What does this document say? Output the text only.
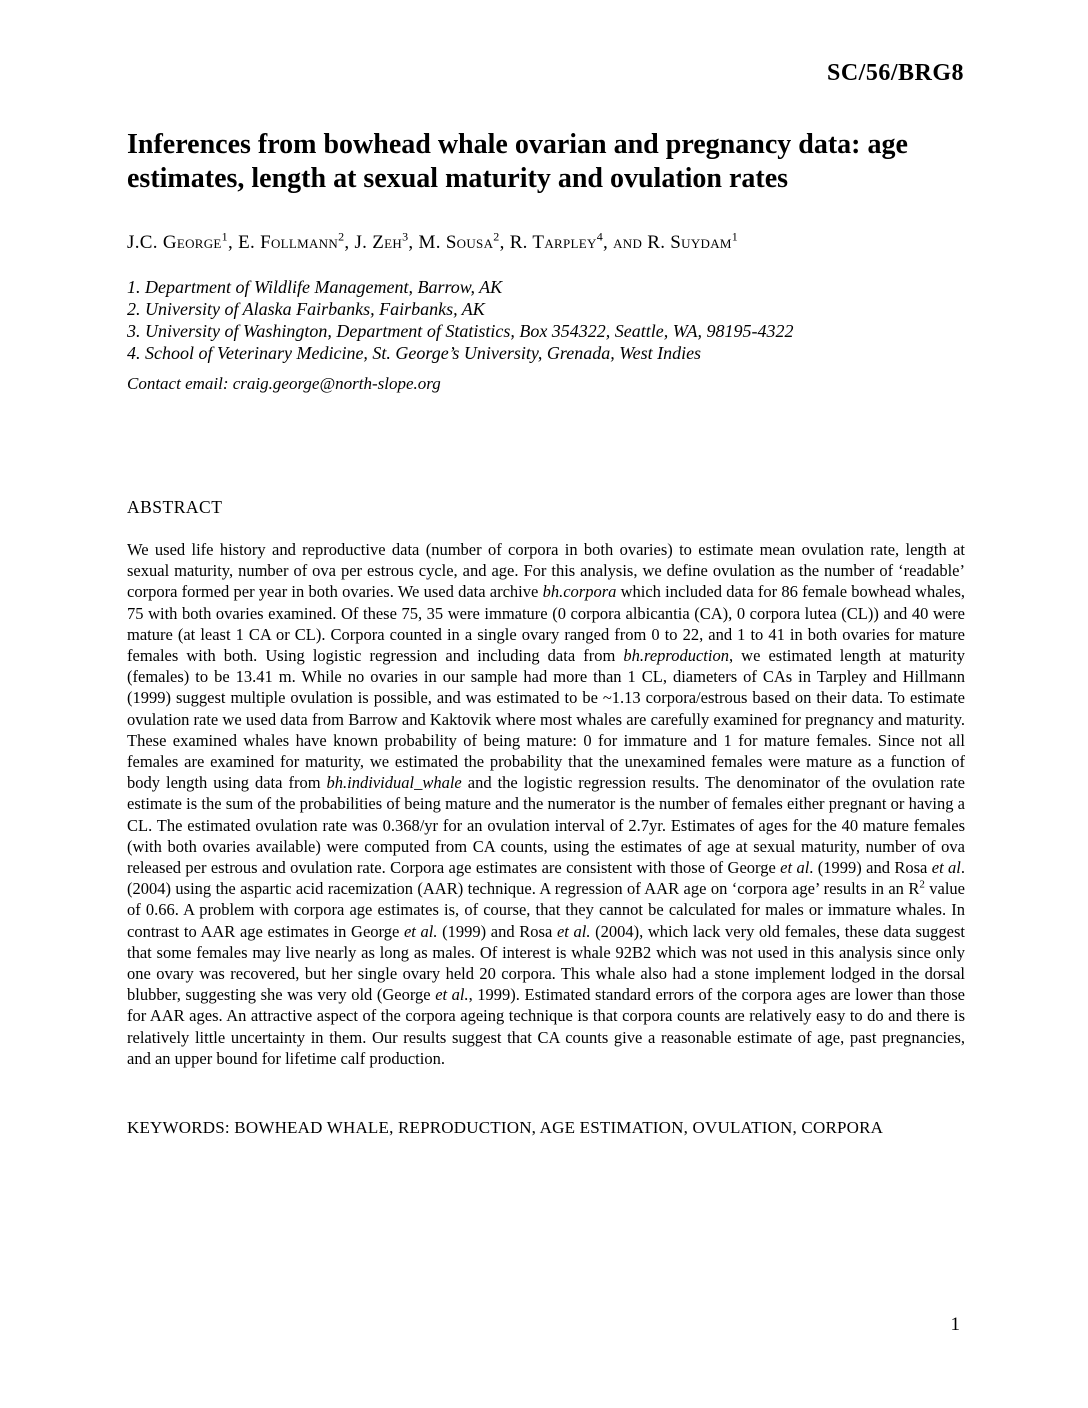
SC/56/BRG8
Inferences from bowhead whale ovarian and pregnancy data: age
estimates, length at sexual maturity and ovulation rates
J.C. George$^1$, E. Follmann$^2$, J. Zeh$^3$, M. Sousa$^2$, R. Tarpley$^4$, and R. Suydam$^1$

1. Department of Wildlife Management, Barrow, AK

2. University of Alaska Fairbanks, Fairbanks, AK

3. University of Washington, Department of Statistics, Box 354322, Seattle, WA, 98195-4322

4. School of Veterinary Medicine, St. George’s University, Grenada, West Indies

Contact email: craig.george@north-slope.org
ABSTRACT
We used life history and reproductive data (number of corpora in both ovaries) to estimate mean ovulation rate, length at sexual maturity, number of ova per estrous cycle, and age. For this analysis, we define ovulation as the number of ‘readable’ corpora formed per year in both ovaries. We used data archive bh.corpora which included data for 86 female bowhead whales, 75 with both ovaries examined. Of these 75, 35 were immature (0 corpora albicantia (CA), 0 corpora lutea (CL)) and 40 were mature (at least 1 CA or CL). Corpora counted in a single ovary ranged from 0 to 22, and 1 to 41 in both ovaries for mature females with both. Using logistic regression and including data from bh.reproduction, we estimated length at maturity (females) to be 13.41 m. While no ovaries in our sample had more than 1 CL, diameters of CAs in Tarpley and Hillmann (1999) suggest multiple ovulation is possible, and was estimated to be ~1.13 corpora/estrous based on their data. To estimate ovulation rate we used data from Barrow and Kaktovik where most whales are carefully examined for pregnancy and maturity. These examined whales have known probability of being mature: 0 for immature and 1 for mature females. Since not all females are examined for maturity, we estimated the probability that the unexamined females were mature as a function of body length using data from bh.individual_whale and the logistic regression results. The denominator of the ovulation rate estimate is the sum of the probabilities of being mature and the numerator is the number of females either pregnant or having a CL. The estimated ovulation rate was 0.368/yr for an ovulation interval of 2.7yr. Estimates of ages for the 40 mature females (with both ovaries available) were computed from CA counts, using the estimates of age at sexual maturity, number of ova released per estrous and ovulation rate. Corpora age estimates are consistent with those of George et al. (1999) and Rosa et al. (2004) using the aspartic acid racemization (AAR) technique. A regression of AAR age on ‘corpora age’ results in an $R^2$ value of 0.66. A problem with corpora age estimates is, of course, that they cannot be calculated for males or immature whales. In contrast to AAR age estimates in George et al. (1999) and Rosa et al. (2004), which lack very old females, these data suggest that some females may live nearly as long as males. Of interest is whale 92B2 which was not used in this analysis since only one ovary was recovered, but her single ovary held 20 corpora. This whale also had a stone implement lodged in the dorsal blubber, suggesting she was very old (George et al., 1999). Estimated standard errors of the corpora ages are lower than those for AAR ages. An attractive aspect of the corpora ageing technique is that corpora counts are relatively easy to do and there is relatively little uncertainty in them. Our results suggest that CA counts give a reasonable estimate of age, past pregnancies, and an upper bound for lifetime calf production.
KEYWORDS: BOWHEAD WHALE, REPRODUCTION, AGE ESTIMATION, OVULATION, CORPORA
1
